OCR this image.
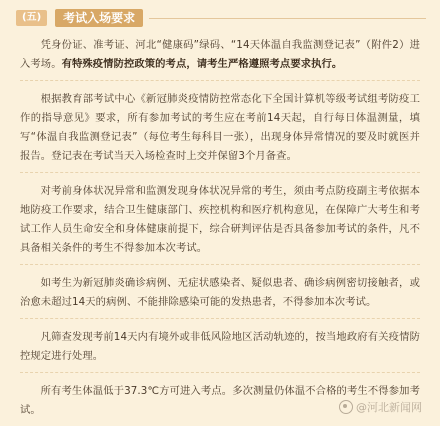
(五)	考试入场要求

凭身份证、准考证、河北“健康码”绿码、“14天体温自我监测登记表”（附件2）进入考场。有特殊疫情防控政策的考点，请考生严格遵照考点要求执行。

根据教育部考试中心《新冠肺炎疫情防控常态化下全国计算机等级考试组考防疫工作的指导意见》要求，所有参加考试的考生应在考前14天起，自行每日体温测量，填写“体温自我监测登记表”（每位考生每科目一张），出现身体异常情况的要及时就医并报告。登记表在考试当天入场检查时上交并保留3个月备查。

对考前身体状况异常和监测发现身体状况异常的考生，须由考点防疫副主考依据本地防疫工作要求，结合卫生健康部门、疾控机构和医疗机构意见，在保障广大考生和考试工作人员生命安全和身体健康前提下，综合研判评估是否具备参加考试的条件，凡不具备相关条件的考生不得参加本次考试。

如考生为新冠肺炎确诊病例、无症状感染者、疑似患者、确诊病例密切接触者，或治愈未超过14天的病例、不能排除感染可能的发热患者，不得参加本次考试。

凡筛查发现考前14天内有境外或非低风险地区活动轨迹的，按当地政府有关疫情防控规定进行处理。

所有考生体温低于37.3℃方可进入考点。多次测量仍体温不合格的考生不得参加考试。	@河北新闻网
